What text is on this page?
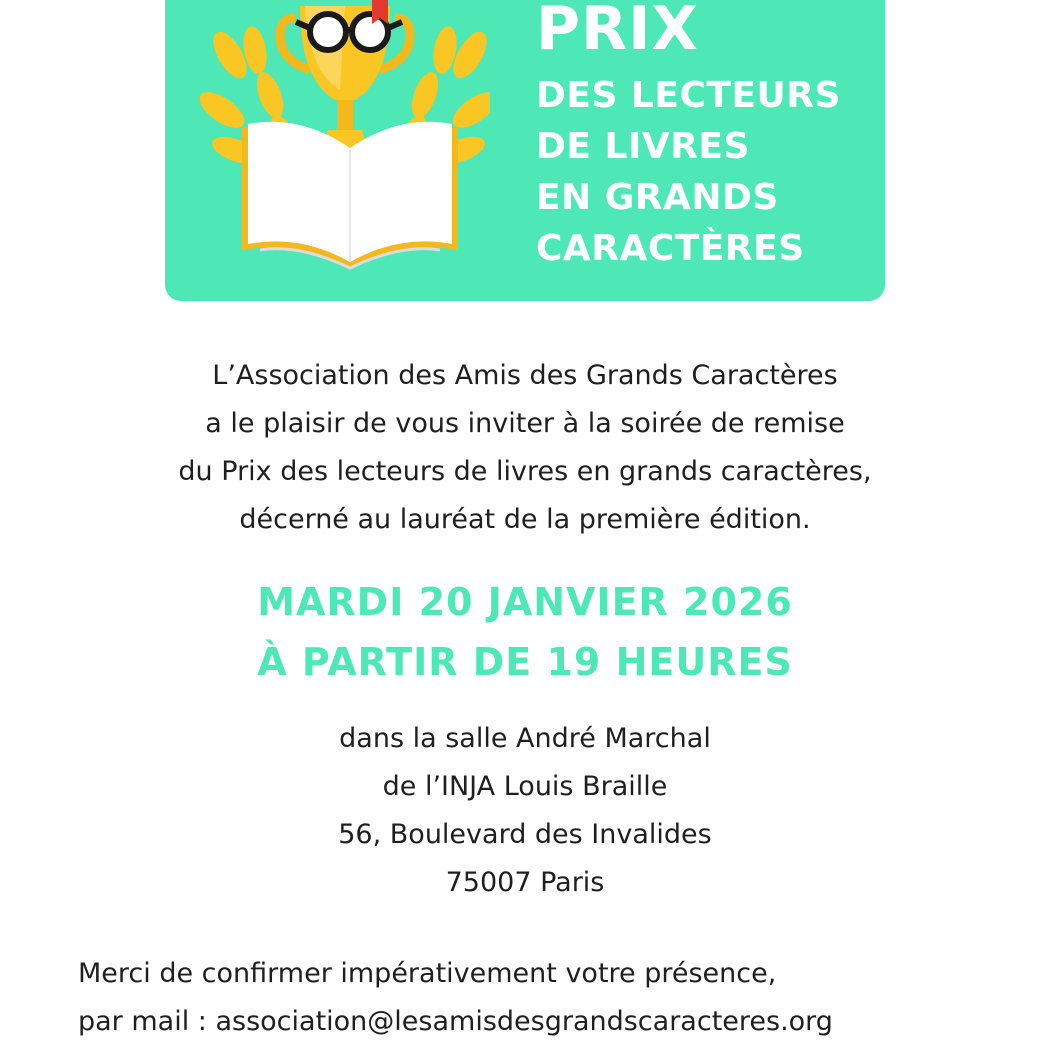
PRIX
DES LECTEURS
DE LIVRES
EN GRANDS
CARACTÈRES
L’Association des Amis des Grands Caractères
a le plaisir de vous inviter à la soirée de remise
du Prix des lecteurs de livres en grands caractères,
décerné au lauréat de la première édition.
MARDI 20 JANVIER 2026
À PARTIR DE 19 HEURES
dans la salle André Marchal
de l’INJA Louis Braille
56, Boulevard des Invalides
75007 Paris
Merci de confirmer impérativement votre présence,
par mail : association@lesamisdesgrandscaracteres.org
